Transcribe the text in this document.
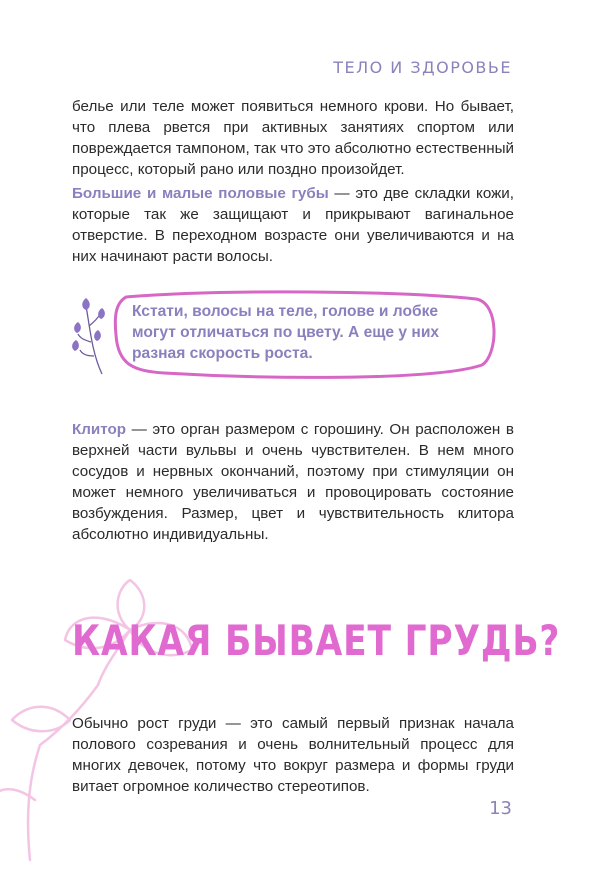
ТЕЛО И ЗДОРОВЬЕ

белье или теле может появиться немного крови. Но бывает, что плева рвется при активных занятиях спортом или повреждается тампоном, так что это абсолютно естественный процесс, который рано или поздно произойдет.

Большие и малые половые губы — это две складки кожи, которые так же защищают и прикрывают вагинальное отверстие. В переходном возрасте они увеличиваются и на них начинают расти волосы.

Кстати, волосы на теле, голове и лобке могут отличаться по цвету. А еще у них разная скорость роста.

Клитор — это орган размером с горошину. Он расположен в верхней части вульвы и очень чувствителен. В нем много сосудов и нервных окончаний, поэтому при стимуляции он может немного увеличиваться и провоцировать состояние возбуждения. Размер, цвет и чувствительность клитора абсолютно индивидуальны.

КАКАЯ БЫВАЕТ ГРУДЬ?

Обычно рост груди — это самый первый признак начала полового созревания и очень волнительный процесс для многих девочек, потому что вокруг размера и формы груди витает огромное количество стереотипов.

13
